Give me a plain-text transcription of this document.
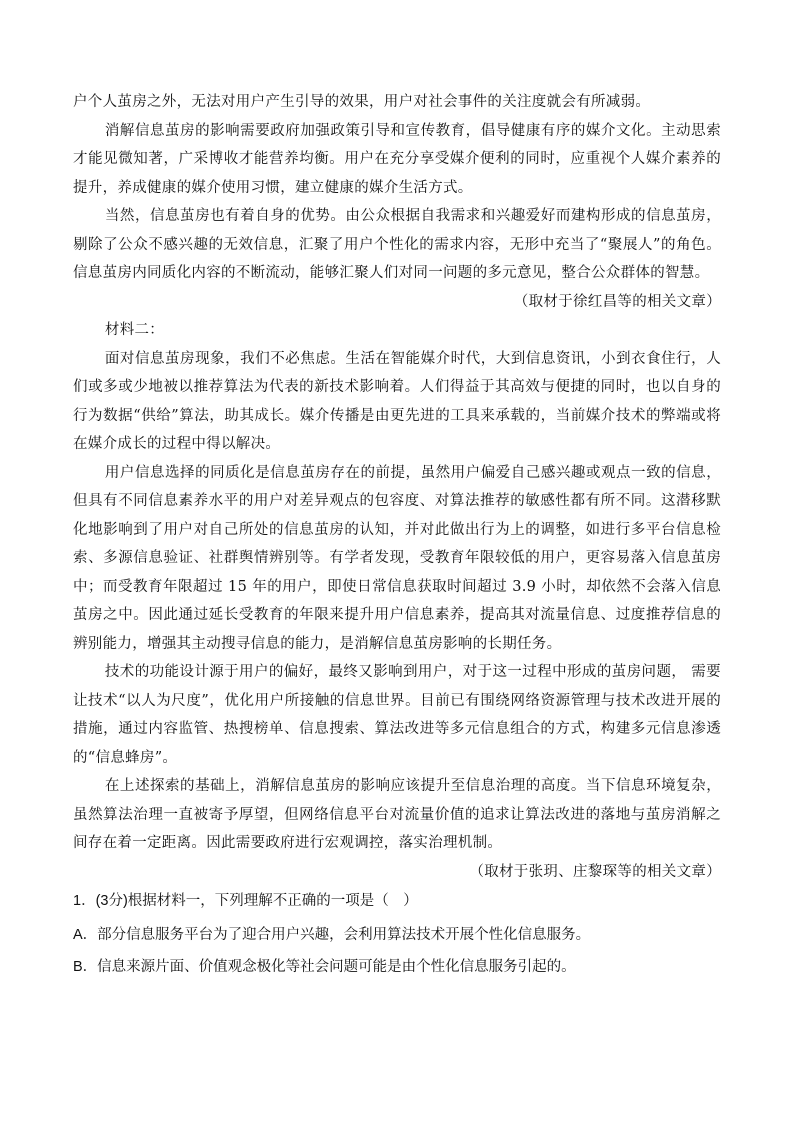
户个人茧房之外，无法对用户产生引导的效果，用户对社会事件的关注度就会有所减弱。

消解信息茧房的影响需要政府加强政策引导和宣传教育，倡导健康有序的媒介文化。主动思索才能见微知著，广采博收才能营养均衡。用户在充分享受媒介便利的同时，应重视个人媒介素养的提升，养成健康的媒介使用习惯，建立健康的媒介生活方式。

当然，信息茧房也有着自身的优势。由公众根据自我需求和兴趣爱好而建构形成的信息茧房，剔除了公众不感兴趣的无效信息，汇聚了用户个性化的需求内容，无形中充当了“聚展人”的角色。信息茧房内同质化内容的不断流动，能够汇聚人们对同一问题的多元意见，整合公众群体的智慧。

（取材于徐红昌等的相关文章）

材料二：

面对信息茧房现象，我们不必焦虑。生活在智能媒介时代，大到信息资讯，小到衣食住行，人们或多或少地被以推荐算法为代表的新技术影响着。人们得益于其高效与便捷的同时，也以自身的行为数据“供给”算法，助其成长。媒介传播是由更先进的工具来承载的，当前媒介技术的弊端或将在媒介成长的过程中得以解决。

用户信息选择的同质化是信息茧房存在的前提，虽然用户偏爱自己感兴趣或观点一致的信息，但具有不同信息素养水平的用户对差异观点的包容度、对算法推荐的敏感性都有所不同。这潜移默化地影响到了用户对自己所处的信息茧房的认知，并对此做出行为上的调整，如进行多平台信息检索、多源信息验证、社群舆情辨别等。有学者发现，受教育年限较低的用户，更容易落入信息茧房中；而受教育年限超过 15 年的用户，即使日常信息获取时间超过 3.9 小时，却依然不会落入信息茧房之中。因此通过延长受教育的年限来提升用户信息素养，提高其对流量信息、过度推荐信息的辨别能力，增强其主动搜寻信息的能力，是消解信息茧房影响的长期任务。

技术的功能设计源于用户的偏好，最终又影响到用户，对于这一过程中形成的茧房问题， 需要让技术“以人为尺度”，优化用户所接触的信息世界。目前已有围绕网络资源管理与技术改进开展的措施，通过内容监管、热搜榜单、信息搜索、算法改进等多元信息组合的方式，构建多元信息渗透的“信息蜂房”。

在上述探索的基础上，消解信息茧房的影响应该提升至信息治理的高度。当下信息环境复杂，虽然算法治理一直被寄予厚望，但网络信息平台对流量价值的追求让算法改进的落地与茧房消解之间存在着一定距离。因此需要政府进行宏观调控，落实治理机制。

（取材于张玥、庄黎琛等的相关文章）

1．(3分)根据材料一，下列理解不正确的一项是（　）

A．部分信息服务平台为了迎合用户兴趣，会利用算法技术开展个性化信息服务。

B．信息来源片面、价值观念极化等社会问题可能是由个性化信息服务引起的。
